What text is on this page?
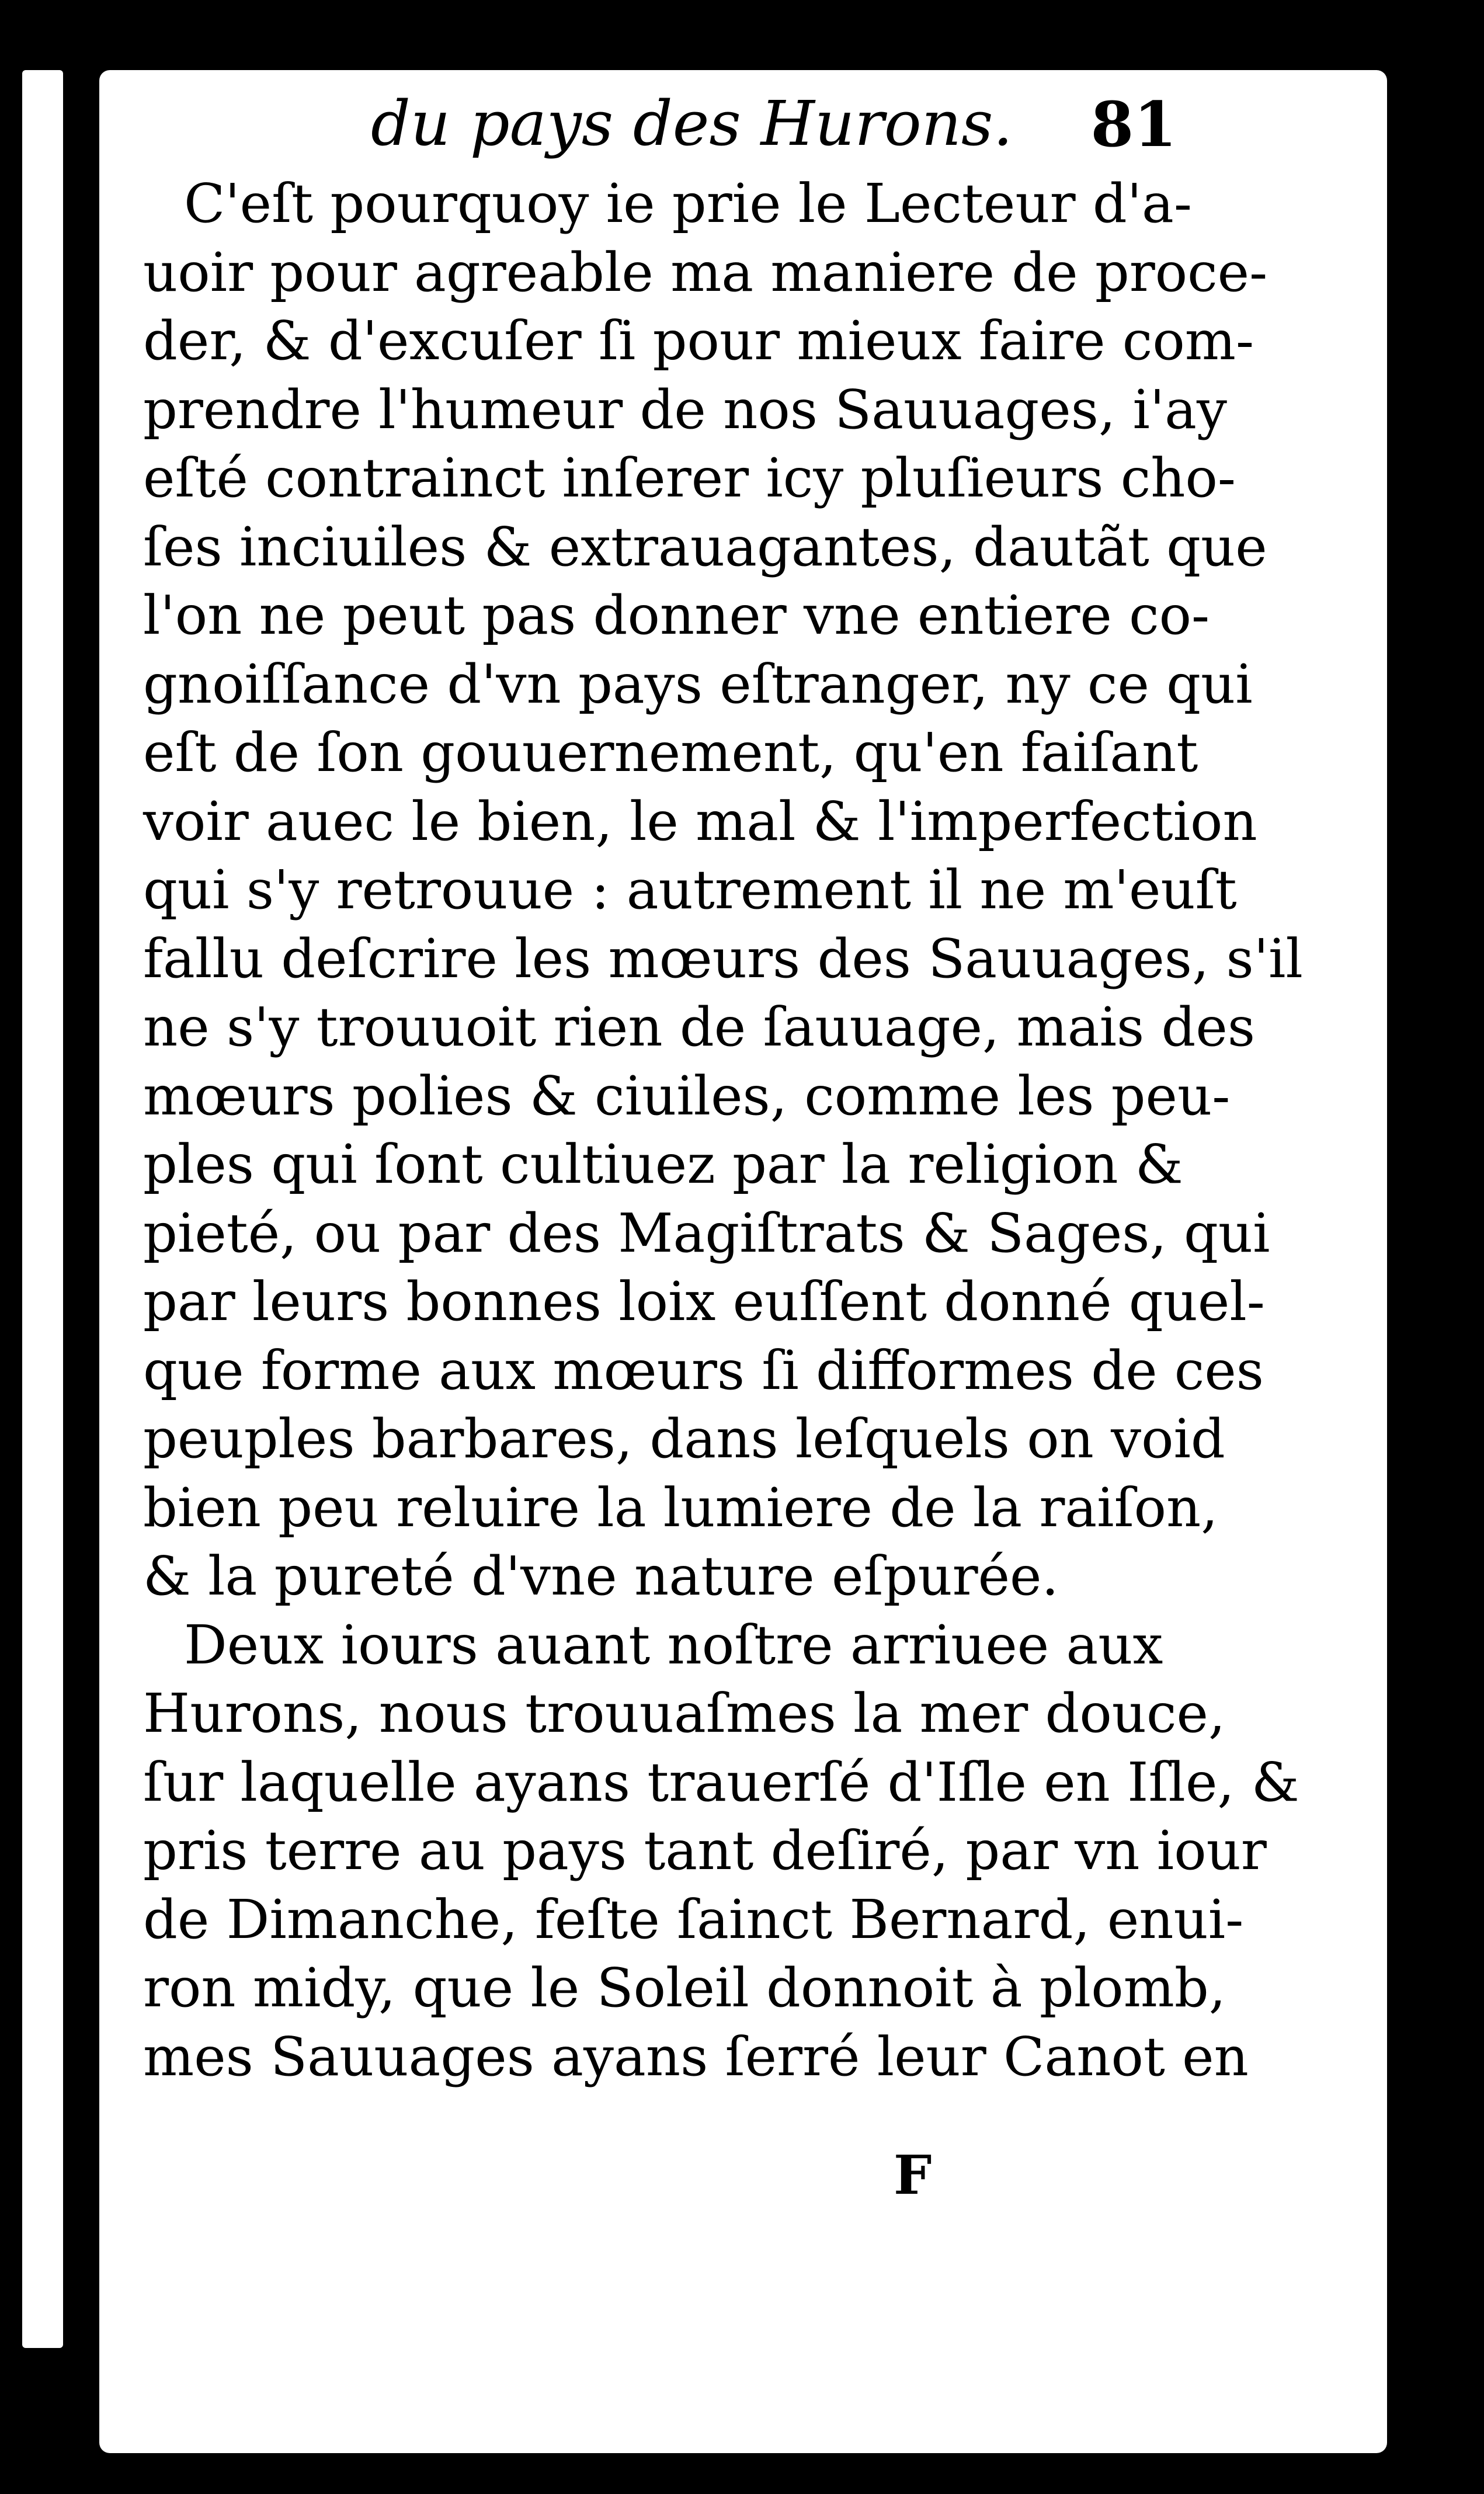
du pays des Hurons. 81
C'eſt pourquoy ie prie le Lecteur d'a-
uoir pour agreable ma maniere de proce-
der, & d'excuſer ſi pour mieux faire com-
prendre l'humeur de nos Sauuages, i'ay
eſté contrainct inſerer icy pluſieurs cho-
ſes inciuiles & extrauagantes, dautãt que
l'on ne peut pas donner vne entiere co-
gnoiſſance d'vn pays eſtranger, ny ce qui
eſt de ſon gouuernement, qu'en faiſant
voir auec le bien, le mal & l'imperfection
qui s'y retrouue : autrement il ne m'euſt
fallu deſcrire les mœurs des Sauuages, s'il
ne s'y trouuoit rien de ſauuage, mais des
mœurs polies & ciuiles, comme les peu-
ples qui ſont cultiuez par la religion &
pieté, ou par des Magiſtrats & Sages, qui
par leurs bonnes loix euſſent donné quel-
que forme aux mœurs ſi difformes de ces
peuples barbares, dans leſquels on void
bien peu reluire la lumiere de la raiſon,
& la pureté d'vne nature eſpurée.
Deux iours auant noſtre arriuee aux
Hurons, nous trouuaſmes la mer douce,
ſur laquelle ayans trauerſé d'Iſle en Iſle, &
pris terre au pays tant deſiré, par vn iour
de Dimanche, feſte ſainct Bernard, enui-
ron midy, que le Soleil donnoit à plomb,
mes Sauuages ayans ſerré leur Canot en
F
